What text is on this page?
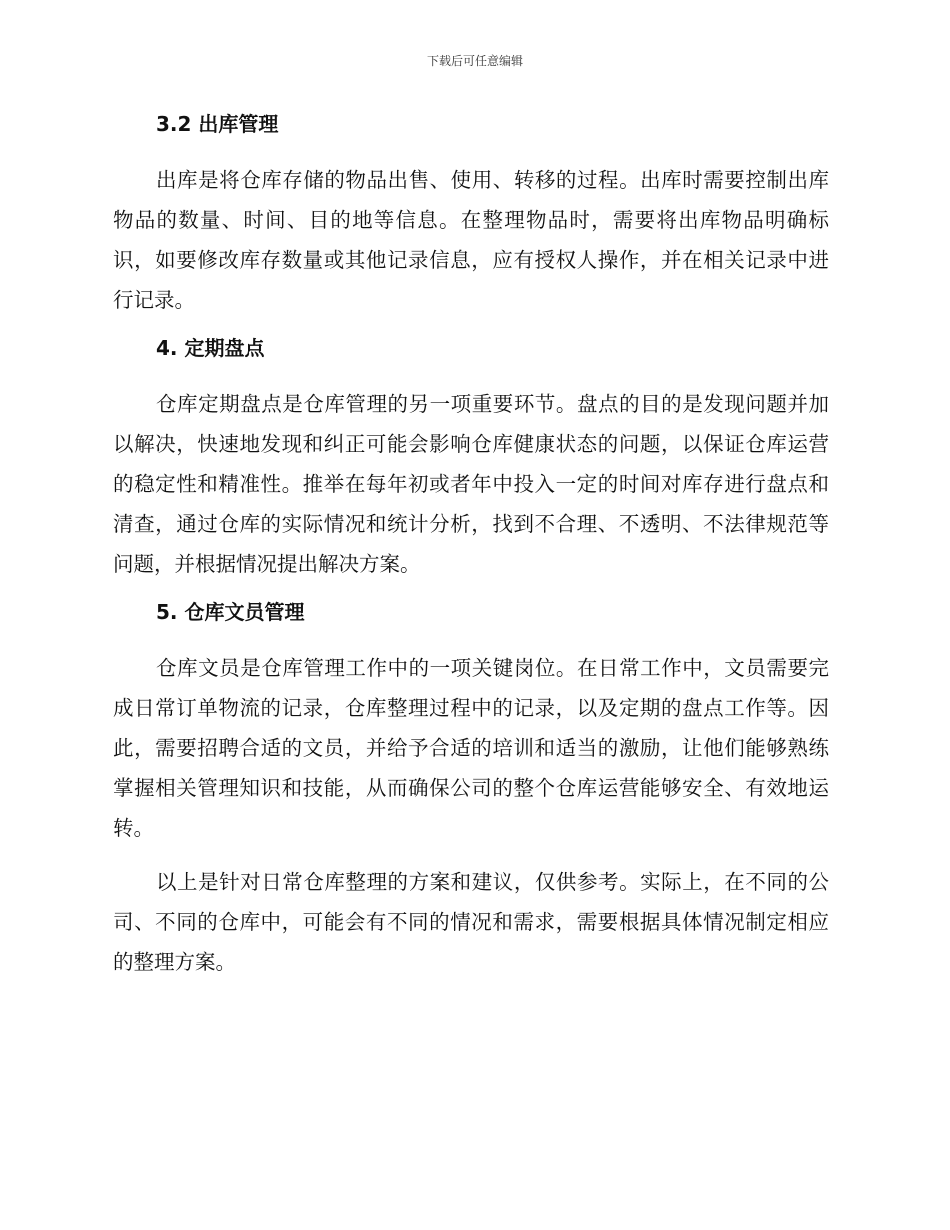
下载后可任意编辑
3.2 出库管理

出库是将仓库存储的物品出售、使用、转移的过程。出库时需要控制出库物品的数量、时间、目的地等信息。在整理物品时，需要将出库物品明确标识，如要修改库存数量或其他记录信息，应有授权人操作，并在相关记录中进行记录。

4. 定期盘点

仓库定期盘点是仓库管理的另一项重要环节。盘点的目的是发现问题并加以解决，快速地发现和纠正可能会影响仓库健康状态的问题，以保证仓库运营的稳定性和精准性。推举在每年初或者年中投入一定的时间对库存进行盘点和清查，通过仓库的实际情况和统计分析，找到不合理、不透明、不法律规范等问题，并根据情况提出解决方案。

5. 仓库文员管理

仓库文员是仓库管理工作中的一项关键岗位。在日常工作中，文员需要完成日常订单物流的记录，仓库整理过程中的记录，以及定期的盘点工作等。因此，需要招聘合适的文员，并给予合适的培训和适当的激励，让他们能够熟练掌握相关管理知识和技能，从而确保公司的整个仓库运营能够安全、有效地运转。

以上是针对日常仓库整理的方案和建议，仅供参考。实际上，在不同的公司、不同的仓库中，可能会有不同的情况和需求，需要根据具体情况制定相应的整理方案。
